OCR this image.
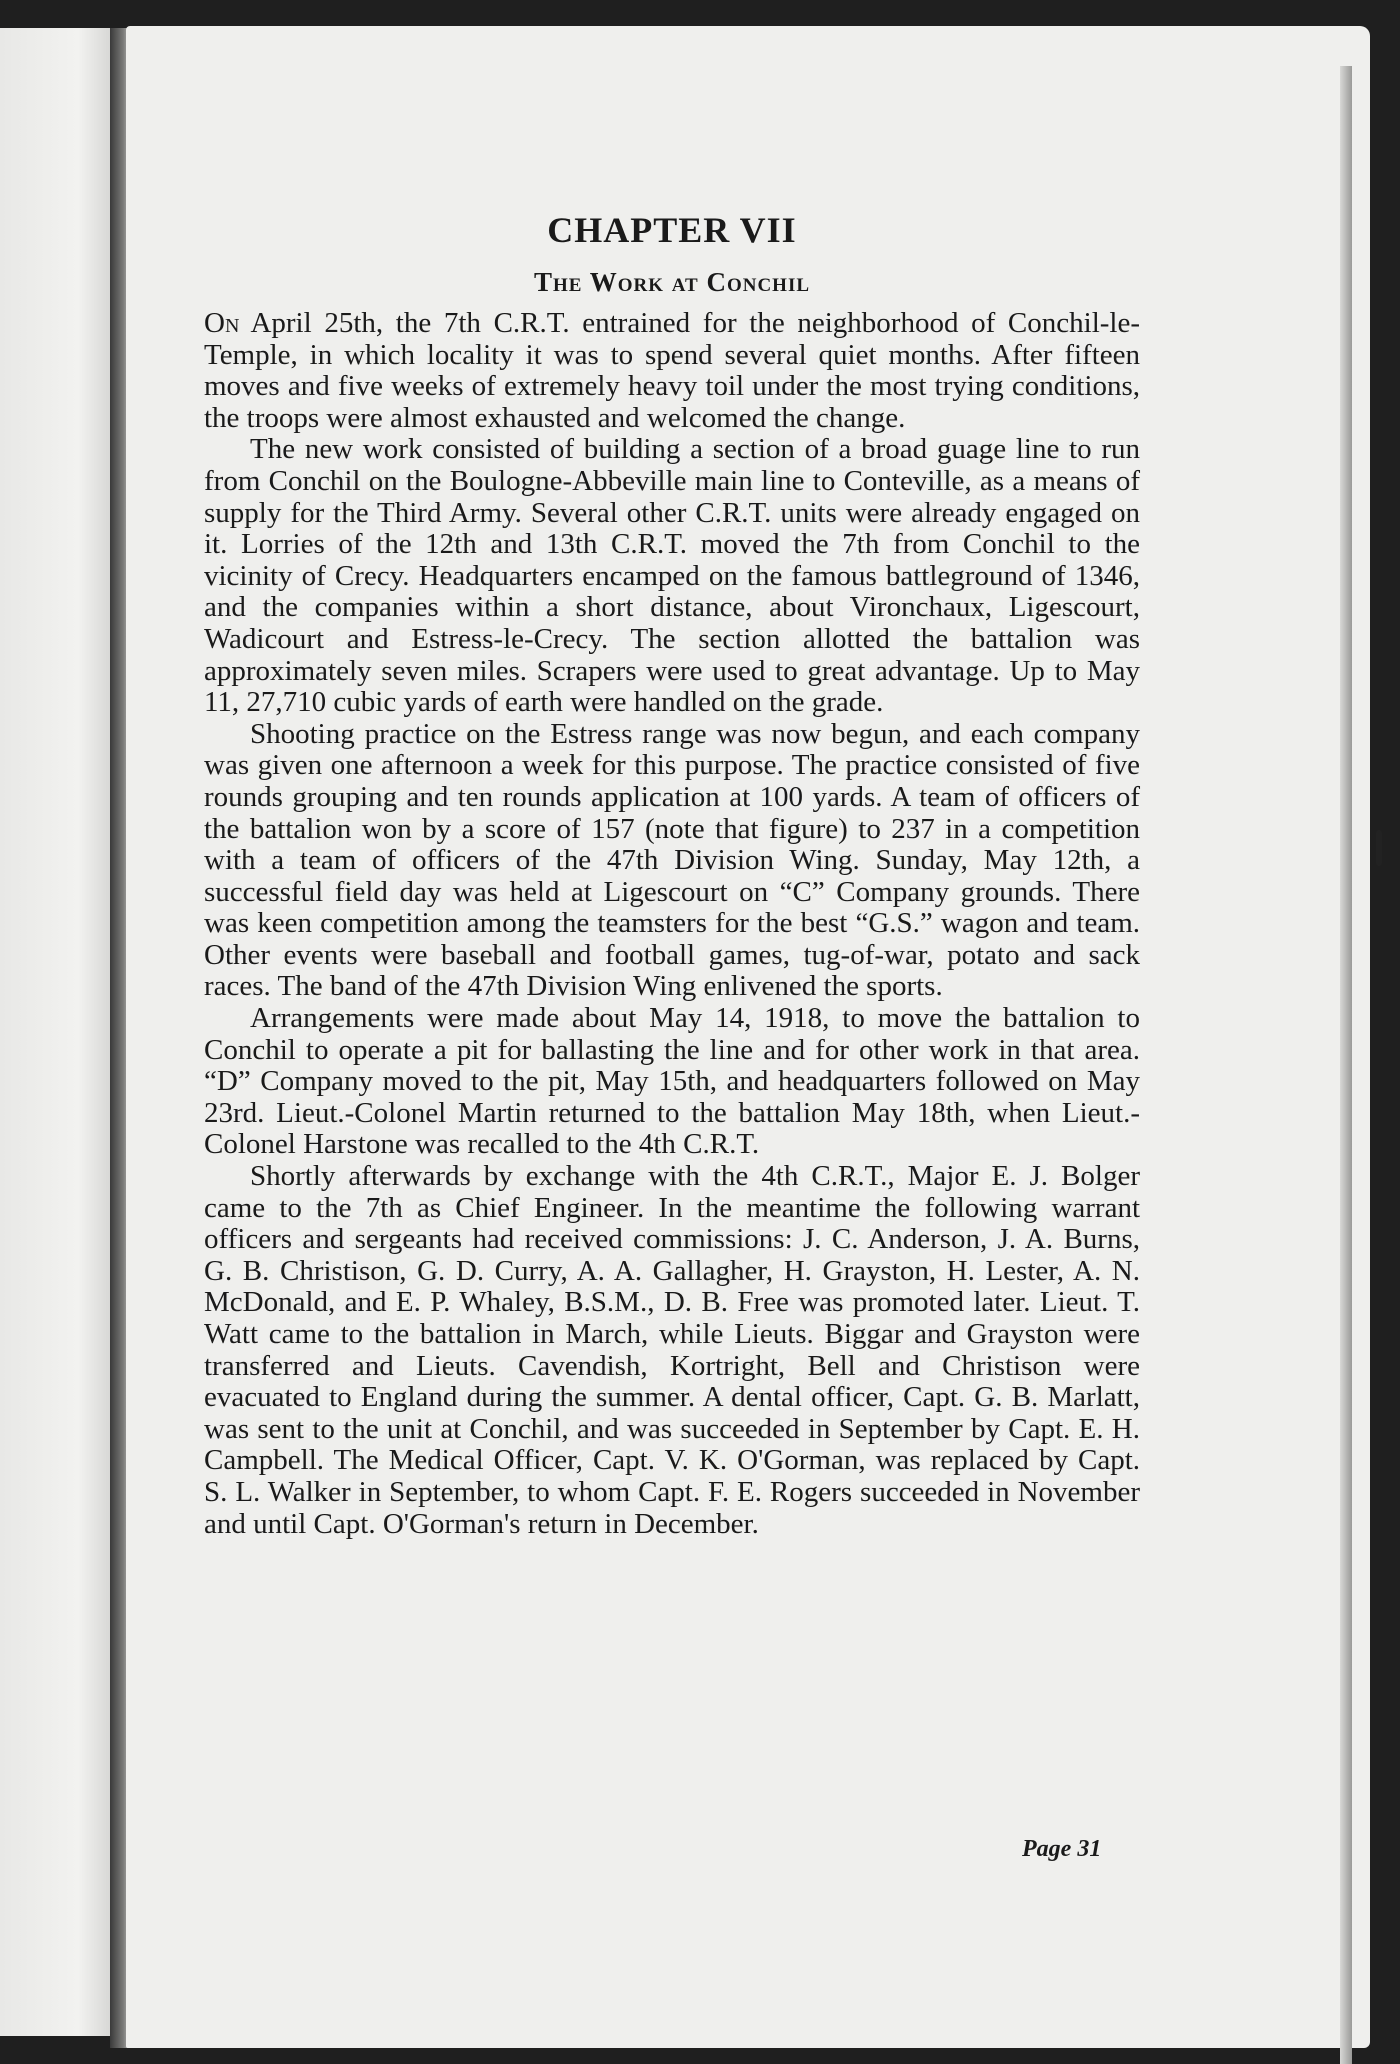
CHAPTER VII
The Work at Conchil

On April 25th, the 7th C.R.T. entrained for the neighborhood of Conchil-le-Temple, in which locality it was to spend several quiet months. After fifteen moves and five weeks of extremely heavy toil under the most trying conditions, the troops were almost exhausted and welcomed the change.

The new work consisted of building a section of a broad guage line to run from Conchil on the Boulogne-Abbeville main line to Conteville, as a means of supply for the Third Army. Several other C.R.T. units were already engaged on it. Lorries of the 12th and 13th C.R.T. moved the 7th from Conchil to the vicinity of Crecy. Headquarters encamped on the famous battleground of 1346, and the companies within a short distance, about Vironchaux, Ligescourt, Wadicourt and Estress-le-Crecy. The section allotted the battalion was approximately seven miles. Scrapers were used to great advantage. Up to May 11, 27,710 cubic yards of earth were handled on the grade.

Shooting practice on the Estress range was now begun, and each company was given one afternoon a week for this purpose. The practice consisted of five rounds grouping and ten rounds application at 100 yards. A team of officers of the battalion won by a score of 157 (note that figure) to 237 in a competition with a team of officers of the 47th Division Wing. Sunday, May 12th, a successful field day was held at Ligescourt on “C” Company grounds. There was keen competition among the teamsters for the best “G.S.” wagon and team. Other events were baseball and football games, tug-of-war, potato and sack races. The band of the 47th Division Wing enlivened the sports.

Arrangements were made about May 14, 1918, to move the battalion to Conchil to operate a pit for ballasting the line and for other work in that area. “D” Company moved to the pit, May 15th, and headquarters followed on May 23rd. Lieut.-Colonel Martin returned to the battalion May 18th, when Lieut.-Colonel Harstone was recalled to the 4th C.R.T.

Shortly afterwards by exchange with the 4th C.R.T., Major E. J. Bolger came to the 7th as Chief Engineer. In the meantime the following warrant officers and sergeants had received commissions: J. C. Anderson, J. A. Burns, G. B. Christison, G. D. Curry, A. A. Gallagher, H. Grayston, H. Lester, A. N. McDonald, and E. P. Whaley, B.S.M., D. B. Free was promoted later. Lieut. T. Watt came to the battalion in March, while Lieuts. Biggar and Grayston were transferred and Lieuts. Cavendish, Kortright, Bell and Christison were evacuated to England during the summer. A dental officer, Capt. G. B. Marlatt, was sent to the unit at Conchil, and was succeeded in September by Capt. E. H. Campbell. The Medical Officer, Capt. V. K. O'Gorman, was replaced by Capt. S. L. Walker in September, to whom Capt. F. E. Rogers succeeded in November and until Capt. O'Gorman's return in December.

Page 31
